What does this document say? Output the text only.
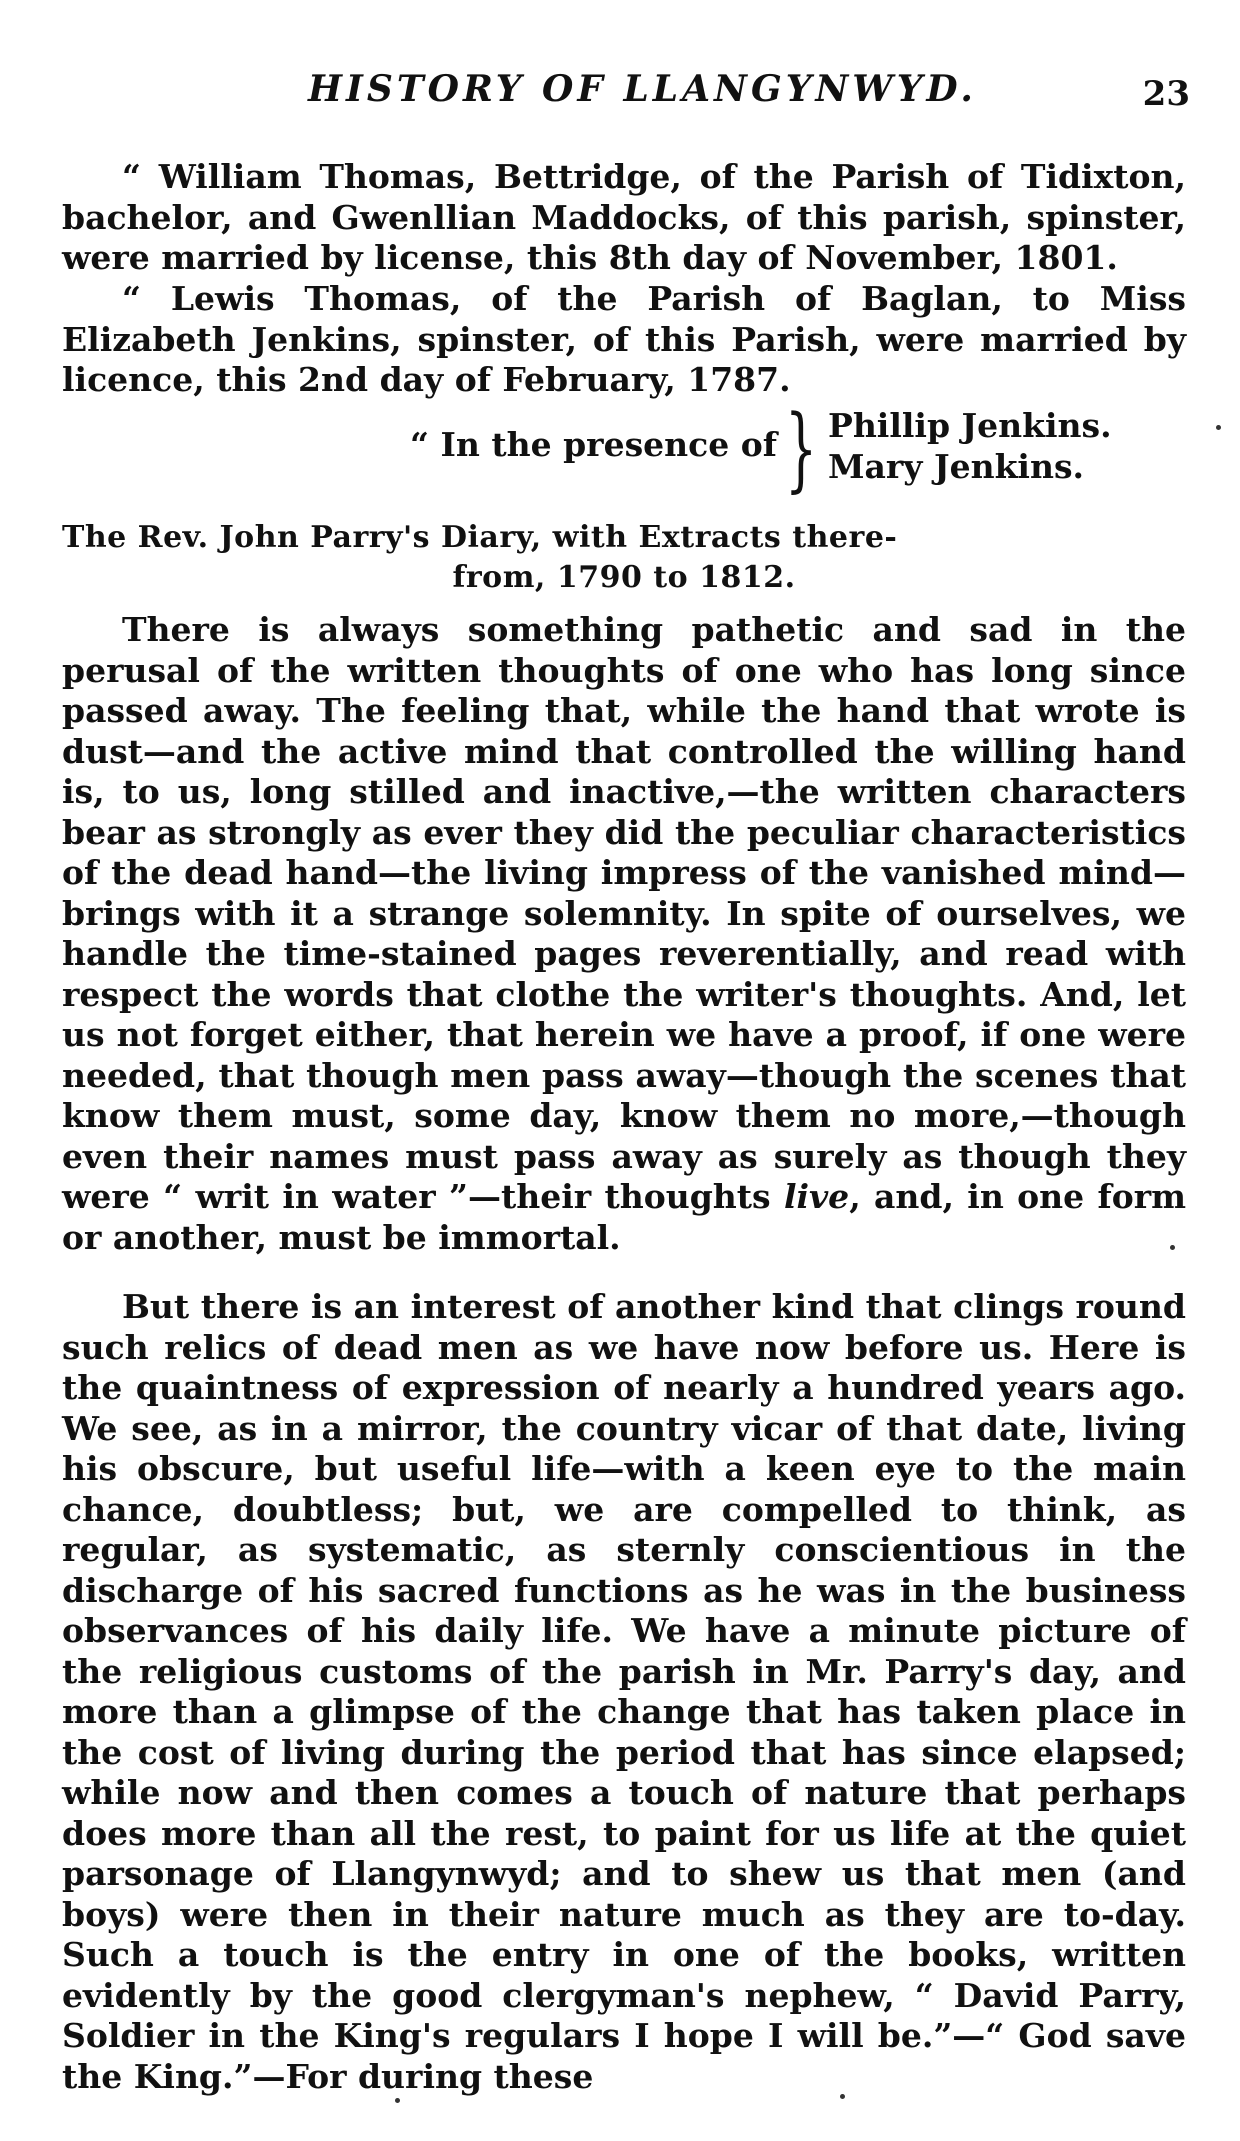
HISTORY OF LLANGYNWYD.	23
“ William Thomas, Bettridge, of the Parish of Tidixton, bachelor, and Gwenllian Maddocks, of this parish, spinster, were married by license, this 8th day of November, 1801.
“ Lewis Thomas, of the Parish of Baglan, to Miss Elizabeth Jenkins, spinster, of this Parish, were married by licence, this 2nd day of February, 1787.
“ In the presence of } Phillip Jenkins.
Mary Jenkins.
The Rev. John Parry's Diary, with Extracts there-
from, 1790 to 1812.
There is always something pathetic and sad in the perusal of the written thoughts of one who has long since passed away. The feeling that, while the hand that wrote is dust—and the active mind that controlled the willing hand is, to us, long stilled and inactive,—the written characters bear as strongly as ever they did the peculiar characteristics of the dead hand—the living impress of the vanished mind—brings with it a strange solemnity. In spite of ourselves, we handle the time-stained pages reverentially, and read with respect the words that clothe the writer's thoughts. And, let us not forget either, that herein we have a proof, if one were needed, that though men pass away—though the scenes that know them must, some day, know them no more,—though even their names must pass away as surely as though they were “ writ in water ”—their thoughts live, and, in one form or another, must be immortal.
But there is an interest of another kind that clings round such relics of dead men as we have now before us. Here is the quaintness of expression of nearly a hundred years ago. We see, as in a mirror, the country vicar of that date, living his obscure, but useful life—with a keen eye to the main chance, doubtless; but, we are compelled to think, as regular, as systematic, as sternly conscientious in the discharge of his sacred functions as he was in the business observances of his daily life. We have a minute picture of the religious customs of the parish in Mr. Parry's day, and more than a glimpse of the change that has taken place in the cost of living during the period that has since elapsed; while now and then comes a touch of nature that perhaps does more than all the rest, to paint for us life at the quiet parsonage of Llangynwyd; and to shew us that men (and boys) were then in their nature much as they are to-day. Such a touch is the entry in one of the books, written evidently by the good clergyman's nephew, “ David Parry, Soldier in the King's regulars I hope I will be.”—“ God save the King.”—For during these
